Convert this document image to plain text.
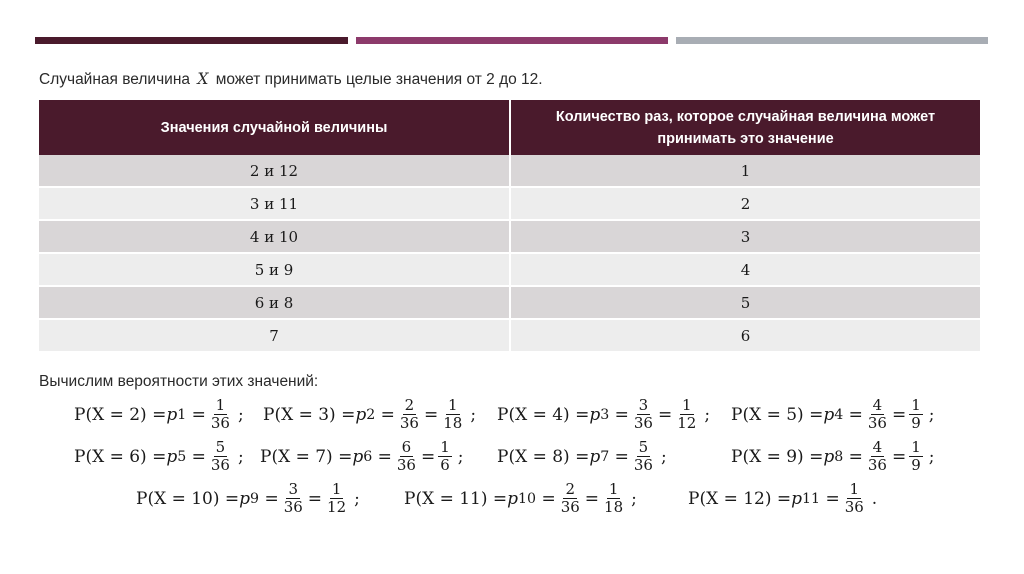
Случайная величина X может принимать целые значения от 2 до 12.
Значения случайной величины	Количество раз, которое случайная величина может принимать это значение
2 и 12	1
3 и 11	2
4 и 10	3
5 и 9	4
6 и 8	5
7	6
Вычислим вероятности этих значений:
P(X = 2) = p $1 = \frac{1}{36}$ ; P(X = 3) = p $2 = \frac{2}{36} = \frac{1}{18}$ ; P(X = 4) = p $3 = \frac{3}{36} = \frac{1}{12}$ ; P(X = 5) = p $4 = \frac{4}{36} = \frac{1}{9}$ ;
P(X = 6) = p $5 = \frac{5}{36}$ ; P(X = 7) = p $6 = \frac{6}{36} = \frac{1}{6}$ ; P(X = 8) = p $7 = \frac{5}{36}$ ;	P(X = 9) = p $8 = \frac{4}{36} = \frac{1}{9}$ ;
P(X = 10) = p $9 = \frac{3}{36} = \frac{1}{12}$ ;	P(X = 11) = p $10 = \frac{2}{36} = \frac{1}{18}$ ;	P(X = 12) = p $11 = \frac{1}{36}$ .
